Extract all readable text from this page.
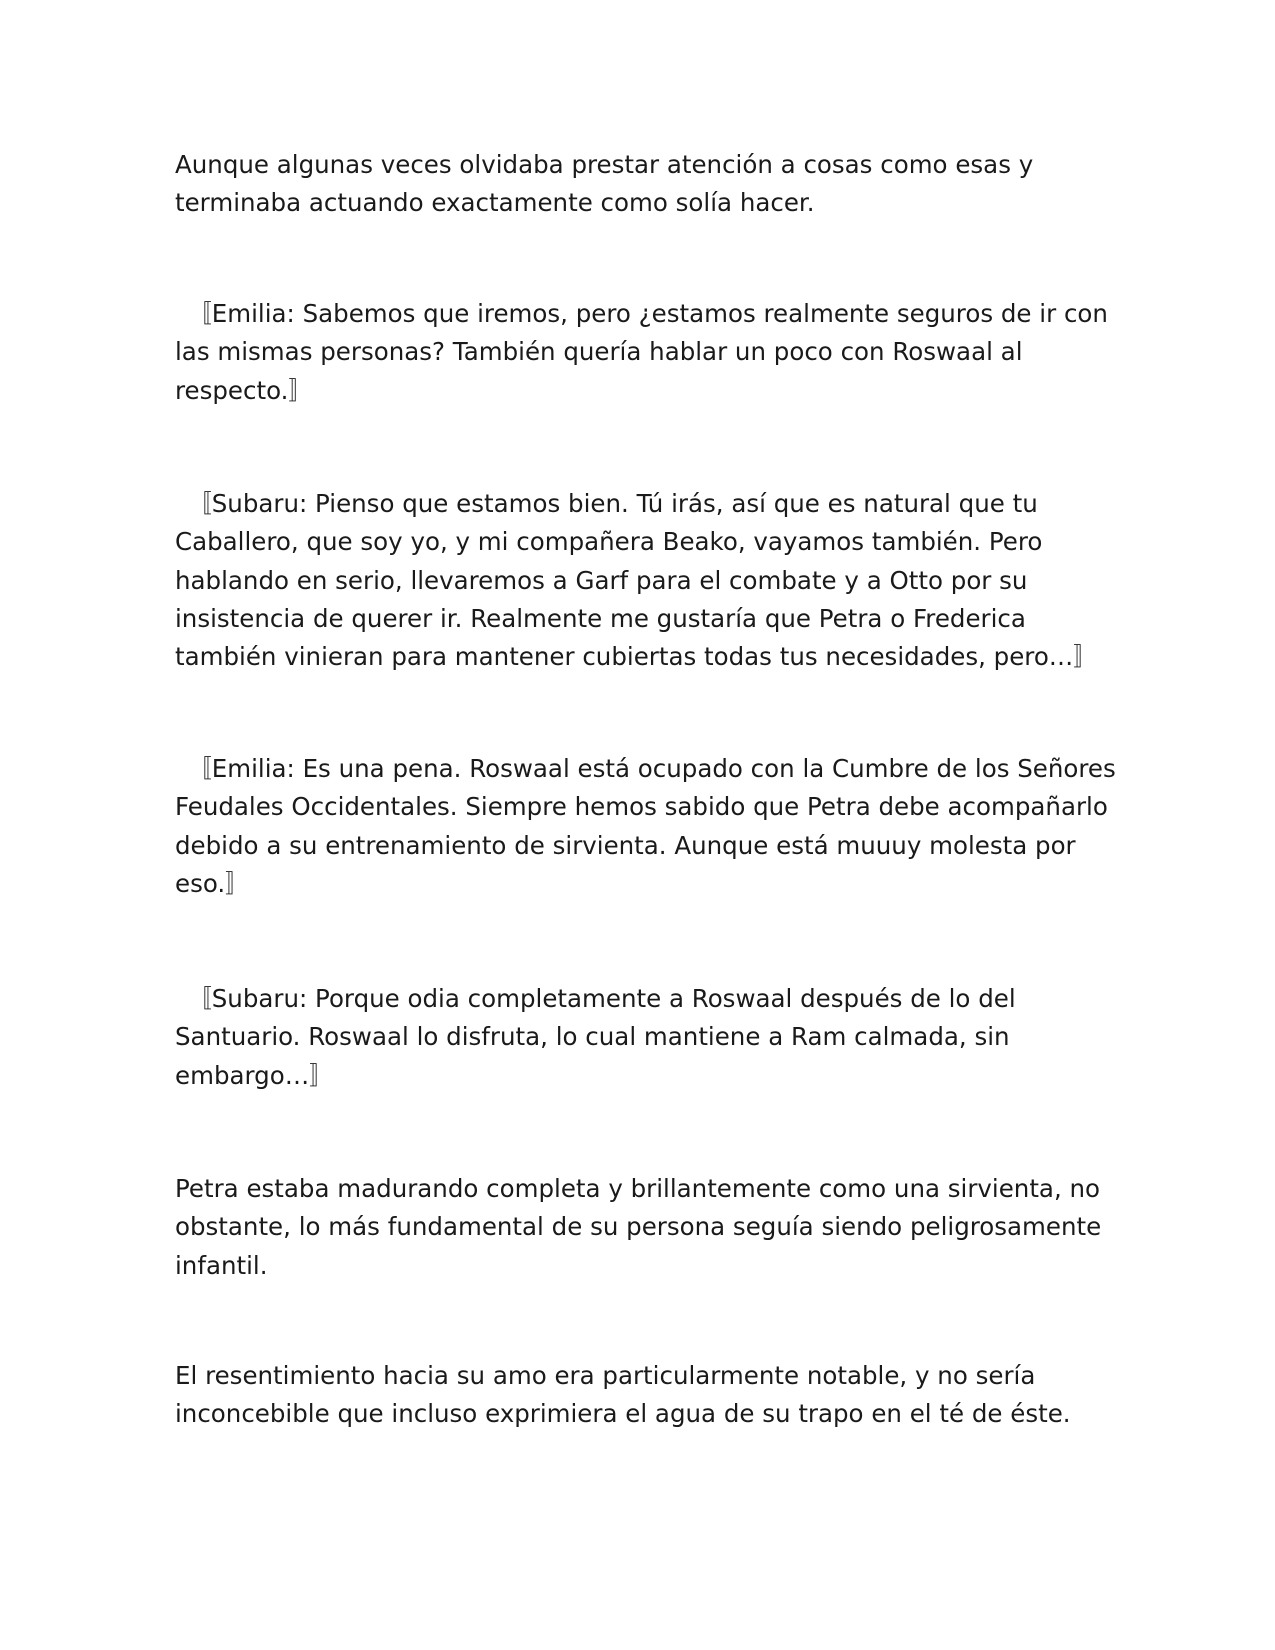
Aunque algunas veces olvidaba prestar atención a cosas como esas y
terminaba actuando exactamente como solía hacer.

　〚Emilia: Sabemos que iremos, pero ¿estamos realmente seguros de ir con
las mismas personas? También quería hablar un poco con Roswaal al
respecto.〛

　〚Subaru: Pienso que estamos bien. Tú irás, así que es natural que tu
Caballero, que soy yo, y mi compañera Beako, vayamos también. Pero
hablando en serio, llevaremos a Garf para el combate y a Otto por su
insistencia de querer ir. Realmente me gustaría que Petra o Frederica
también vinieran para mantener cubiertas todas tus necesidades, pero…〛

　〚Emilia: Es una pena. Roswaal está ocupado con la Cumbre de los Señores
Feudales Occidentales. Siempre hemos sabido que Petra debe acompañarlo
debido a su entrenamiento de sirvienta. Aunque está muuuy molesta por
eso.〛

　〚Subaru: Porque odia completamente a Roswaal después de lo del
Santuario. Roswaal lo disfruta, lo cual mantiene a Ram calmada, sin
embargo…〛

Petra estaba madurando completa y brillantemente como una sirvienta, no
obstante, lo más fundamental de su persona seguía siendo peligrosamente
infantil.

El resentimiento hacia su amo era particularmente notable, y no sería
inconcebible que incluso exprimiera el agua de su trapo en el té de éste.
